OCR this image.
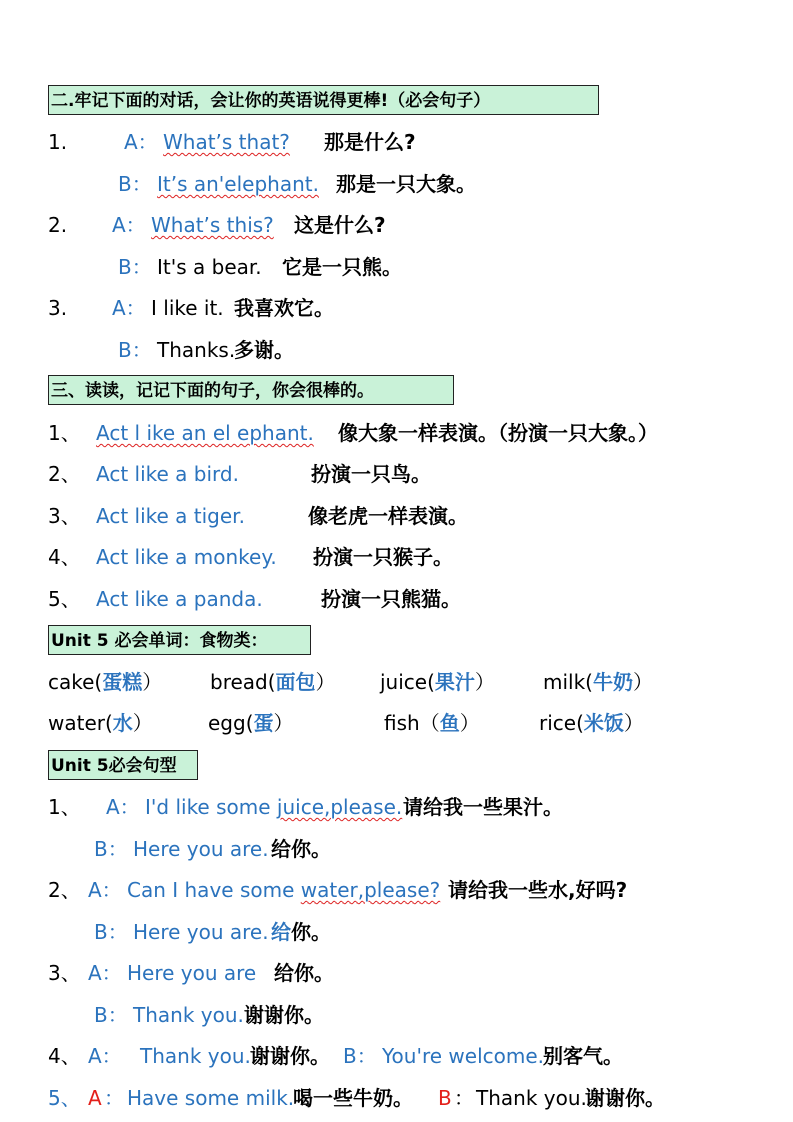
二.牢记下面的对话，会让你的英语说得更棒!（必会句子）
1.	A： What’s that? 那是什么?
B： It’s an'elephant. 那是一只大象。
2. A： What’s this? 这是什么?
B： It's a bear. 它是一只熊。
3. A： I like it. 我喜欢它。
B： Thanks.
多谢。
三、读读，记记下面的句子，你会很棒的。
1、 Act l ike an el ephant. 像大象一样表演。（扮演一只大象。）
2、 Act like a bird.	扮演一只鸟。
3、 Act like a tiger.	像老虎一样表演。
4、 Act like a monkey. 扮演一只猴子。
5、 Act like a panda.	扮演一只熊猫。
Unit 5 必会单词：食物类：
cake(蛋糕） bread(面包） juice(果汁） milk(牛奶）
water(水）	egg(蛋）	fish（鱼）	rice(米饭）
Unit 5必会句型
1、 A： I'd like some juice,please. 请给我一些果汁。
B： Here you are. 给你。
2、 A： Can I have some water,please? 请给我一些水,好吗?
B： Here you are. 给你。
3、 A： Here you are 给你。
B： Thank you. 谢谢你。
4、 A： Thank you. 谢谢你。 B： You're welcome.
别客气。
5、 A ： Have some milk.
喝一些牛奶。 B ： Thank you.
谢谢你。
